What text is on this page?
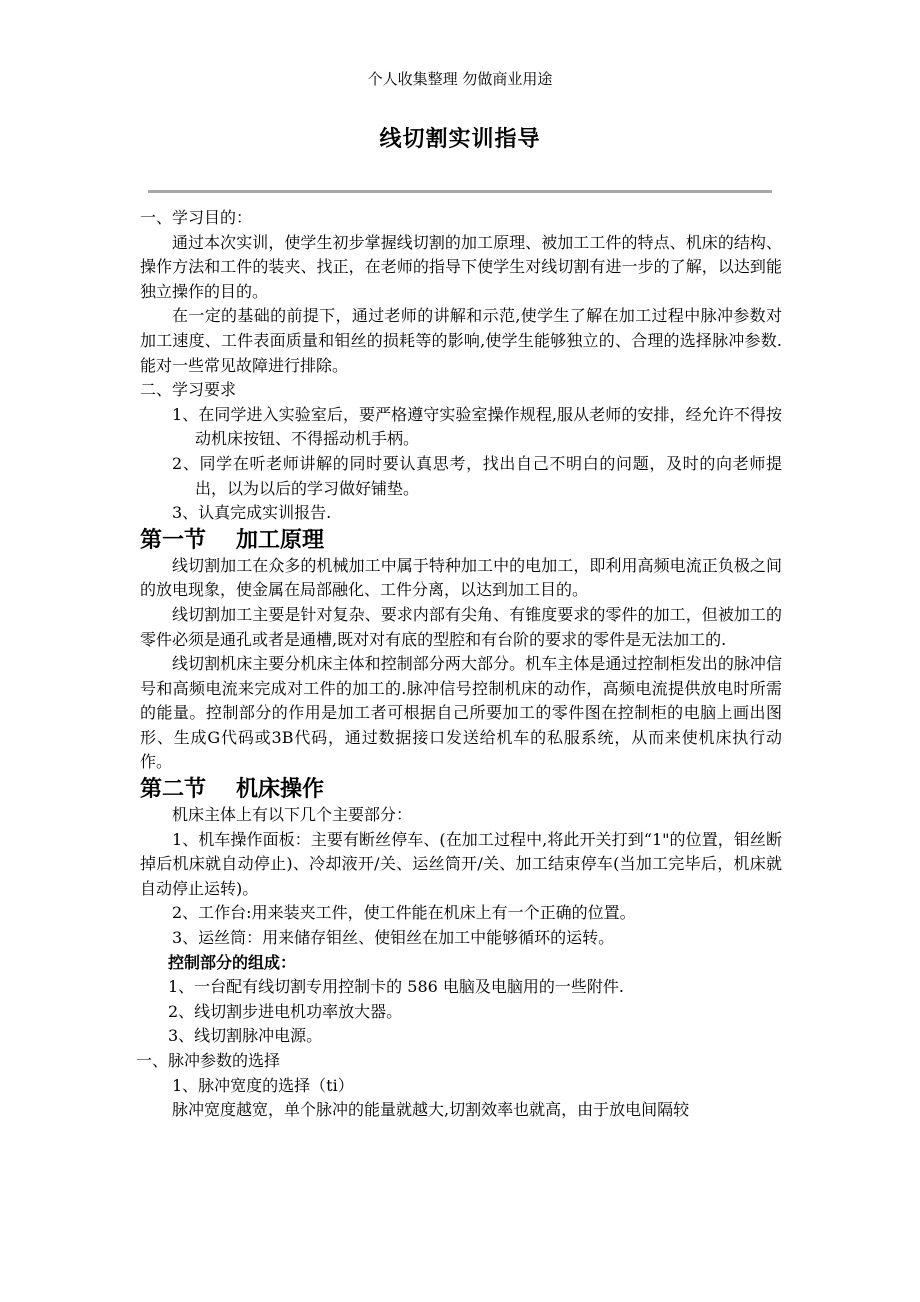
个人收集整理 勿做商业用途
线切割实训指导

一、学习目的：

通过本次实训，使学生初步掌握线切割的加工原理、被加工工件的特点、机床的结构、操作方法和工件的装夹、找正，在老师的指导下使学生对线切割有进一步的了解，以达到能独立操作的目的。

在一定的基础的前提下，通过老师的讲解和示范,使学生了解在加工过程中脉冲参数对加工速度、工件表面质量和钼丝的损耗等的影响,使学生能够独立的、合理的选择脉冲参数.能对一些常见故障进行排除。

二、学习要求

1、在同学进入实验室后，要严格遵守实验室操作规程,服从老师的安排，经允许不得按动机床按钮、不得摇动机手柄。

2、同学在听老师讲解的同时要认真思考，找出自己不明白的问题，及时的向老师提出，以为以后的学习做好铺垫。

3、认真完成实训报告.

第一节 加工原理

线切割加工在众多的机械加工中属于特种加工中的电加工，即利用高频电流正负极之间的放电现象，使金属在局部融化、工件分离，以达到加工目的。

线切割加工主要是针对复杂、要求内部有尖角、有锥度要求的零件的加工，但被加工的零件必须是通孔或者是通槽,既对对有底的型腔和有台阶的要求的零件是无法加工的.

线切割机床主要分机床主体和控制部分两大部分。机车主体是通过控制柜发出的脉冲信号和高频电流来完成对工件的加工的.脉冲信号控制机床的动作，高频电流提供放电时所需的能量。控制部分的作用是加工者可根据自己所要加工的零件图在控制柜的电脑上画出图形、生成G代码或3B代码，通过数据接口发送给机车的私服系统，从而来使机床执行动作。

第二节 机床操作

机床主体上有以下几个主要部分：

1、机车操作面板：主要有断丝停车、(在加工过程中,将此开关打到“1"的位置，钼丝断掉后机床就自动停止)、冷却液开/关、运丝筒开/关、加工结束停车(当加工完毕后，机床就自动停止运转)。

2、工作台:用来装夹工件，使工件能在机床上有一个正确的位置。

3、运丝筒：用来储存钼丝、使钼丝在加工中能够循环的运转。

控制部分的组成：

1、一台配有线切割专用控制卡的 586 电脑及电脑用的一些附件.

2、线切割步进电机功率放大器。

3、线切割脉冲电源。

一、脉冲参数的选择

1、脉冲宽度的选择（ti）

脉冲宽度越宽，单个脉冲的能量就越大,切割效率也就高，由于放电间隔较
